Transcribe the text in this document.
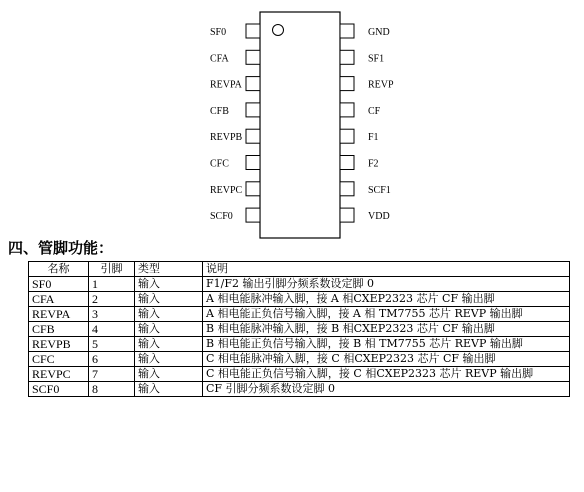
SF0
CFA
REVPA
CFB
REVPB
CFC
REVPC
SCF0
GND
SF1
REVP
CF
F1
F2
SCF1
VDD
四、管脚功能：
名称	引脚	类型	说明
SF0	1	输入	F1/F2 输出引脚分频系数设定脚 0
CFA	2	输入	A 相电能脉冲输入脚，接 A 相CXEP2323 芯片 CF 输出脚
REVPA	3	输入	A 相电能正负信号输入脚，接 A 相 TM7755 芯片 REVP 输出脚
CFB	4	输入	B 相电能脉冲输入脚，接 B 相CXEP2323 芯片 CF 输出脚
REVPB	5	输入	B 相电能正负信号输入脚，接 B 相 TM7755 芯片 REVP 输出脚
CFC	6	输入	C 相电能脉冲输入脚，接 C 相CXEP2323 芯片 CF 输出脚
REVPC	7	输入	C 相电能正负信号输入脚，接 C 相CXEP2323 芯片 REVP 输出脚
SCF0	8	输入	CF 引脚分频系数设定脚 0
